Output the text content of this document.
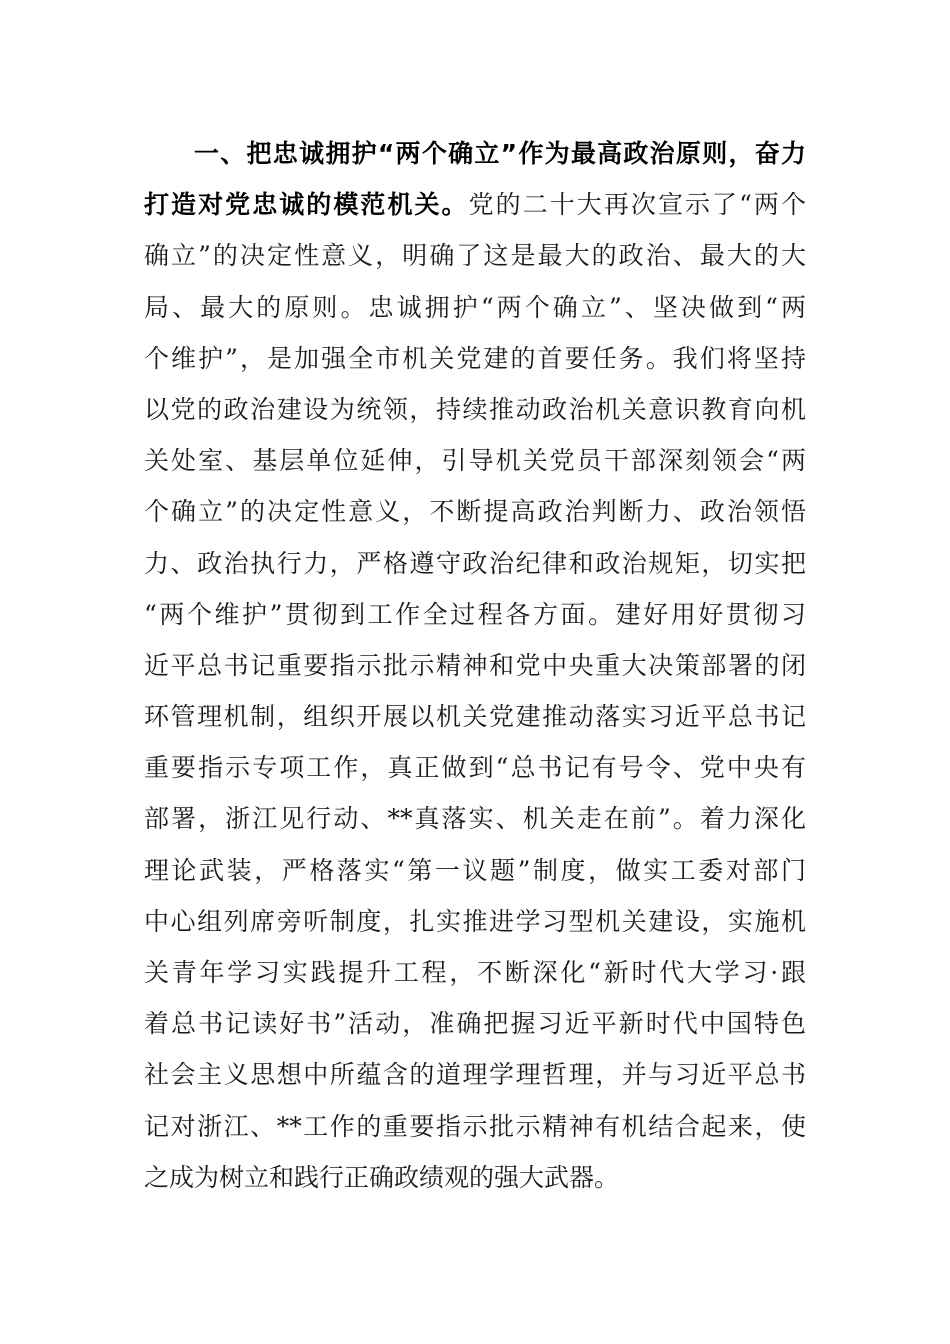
一、把忠诚拥护“两个确立”作为最高政治原则，奋力
打造对党忠诚的模范机关。党的二十大再次宣示了“两个
确立”的决定性意义，明确了这是最大的政治、最大的大
局、最大的原则。忠诚拥护“两个确立”、坚决做到“两
个维护”，是加强全市机关党建的首要任务。我们将坚持
以党的政治建设为统领，持续推动政治机关意识教育向机
关处室、基层单位延伸，引导机关党员干部深刻领会“两
个确立”的决定性意义，不断提高政治判断力、政治领悟
力、政治执行力，严格遵守政治纪律和政治规矩，切实把
“两个维护”贯彻到工作全过程各方面。建好用好贯彻习
近平总书记重要指示批示精神和党中央重大决策部署的闭
环管理机制，组织开展以机关党建推动落实习近平总书记
重要指示专项工作，真正做到“总书记有号令、党中央有
部署，浙江见行动、**真落实、机关走在前”。着力深化
理论武装，严格落实“第一议题”制度，做实工委对部门
中心组列席旁听制度，扎实推进学习型机关建设，实施机
关青年学习实践提升工程，不断深化“新时代大学习·跟
着总书记读好书”活动，准确把握习近平新时代中国特色
社会主义思想中所蕴含的道理学理哲理，并与习近平总书
记对浙江、**工作的重要指示批示精神有机结合起来，使
之成为树立和践行正确政绩观的强大武器。
